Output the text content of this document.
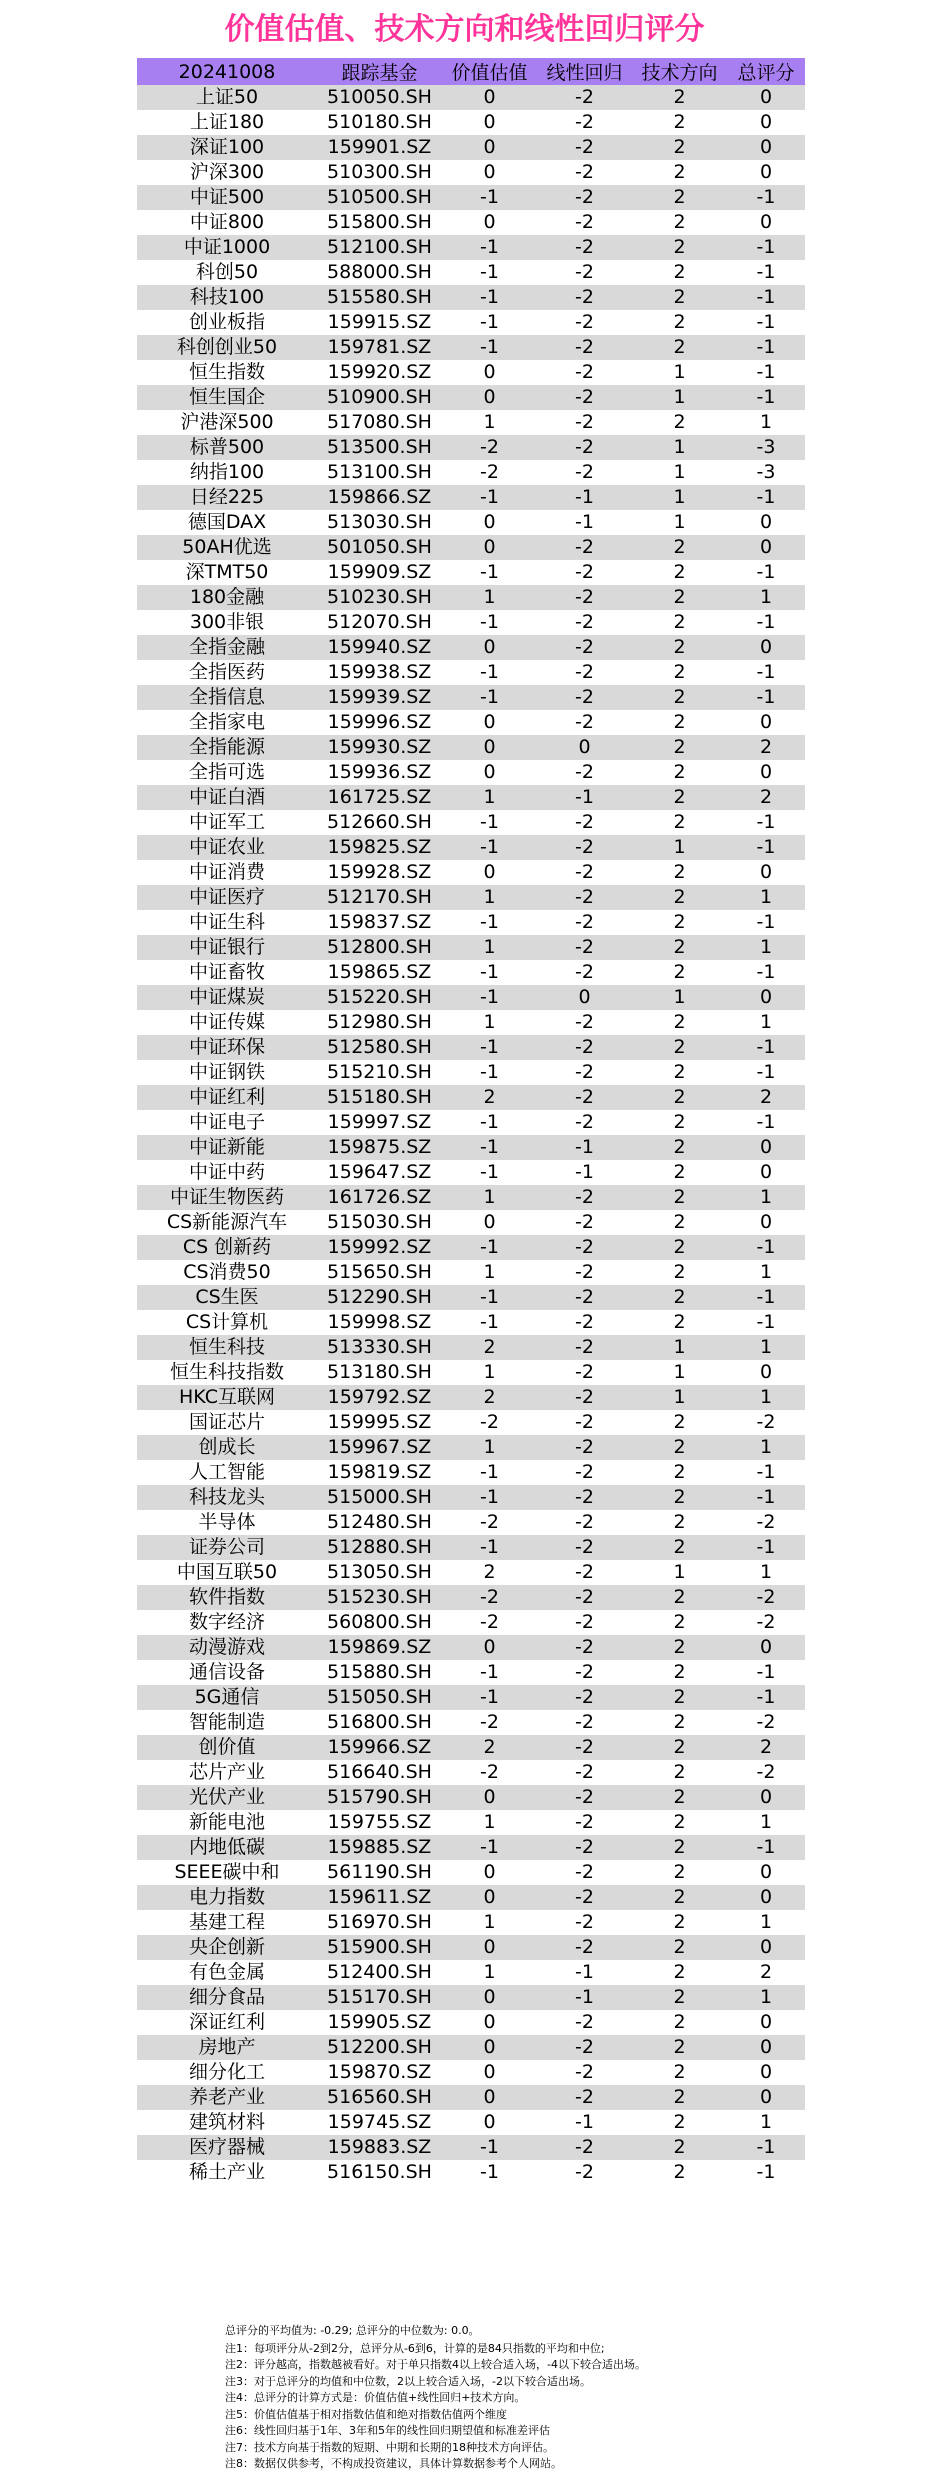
价值估值、技术方向和线性回归评分
20241008	跟踪基金	价值估值	线性回归	技术方向	总评分
上证50	510050.SH	0	-2	2	0
上证180	510180.SH	0	-2	2	0
深证100	159901.SZ	0	-2	2	0
沪深300	510300.SH	0	-2	2	0
中证500	510500.SH	-1	-2	2	-1
中证800	515800.SH	0	-2	2	0
中证1000	512100.SH	-1	-2	2	-1
科创50	588000.SH	-1	-2	2	-1
科技100	515580.SH	-1	-2	2	-1
创业板指	159915.SZ	-1	-2	2	-1
科创创业50	159781.SZ	-1	-2	2	-1
恒生指数	159920.SZ	0	-2	1	-1
恒生国企	510900.SH	0	-2	1	-1
沪港深500	517080.SH	1	-2	2	1
标普500	513500.SH	-2	-2	1	-3
纳指100	513100.SH	-2	-2	1	-3
日经225	159866.SZ	-1	-1	1	-1
德国DAX	513030.SH	0	-1	1	0
50AH优选	501050.SH	0	-2	2	0
深TMT50	159909.SZ	-1	-2	2	-1
180金融	510230.SH	1	-2	2	1
300非银	512070.SH	-1	-2	2	-1
全指金融	159940.SZ	0	-2	2	0
全指医药	159938.SZ	-1	-2	2	-1
全指信息	159939.SZ	-1	-2	2	-1
全指家电	159996.SZ	0	-2	2	0
全指能源	159930.SZ	0	0	2	2
全指可选	159936.SZ	0	-2	2	0
中证白酒	161725.SZ	1	-1	2	2
中证军工	512660.SH	-1	-2	2	-1
中证农业	159825.SZ	-1	-2	1	-1
中证消费	159928.SZ	0	-2	2	0
中证医疗	512170.SH	1	-2	2	1
中证生科	159837.SZ	-1	-2	2	-1
中证银行	512800.SH	1	-2	2	1
中证畜牧	159865.SZ	-1	-2	2	-1
中证煤炭	515220.SH	-1	0	1	0
中证传媒	512980.SH	1	-2	2	1
中证环保	512580.SH	-1	-2	2	-1
中证钢铁	515210.SH	-1	-2	2	-1
中证红利	515180.SH	2	-2	2	2
中证电子	159997.SZ	-1	-2	2	-1
中证新能	159875.SZ	-1	-1	2	0
中证中药	159647.SZ	-1	-1	2	0
中证生物医药	161726.SZ	1	-2	2	1
CS新能源汽车	515030.SH	0	-2	2	0
CS 创新药	159992.SZ	-1	-2	2	-1
CS消费50	515650.SH	1	-2	2	1
CS生医	512290.SH	-1	-2	2	-1
CS计算机	159998.SZ	-1	-2	2	-1
恒生科技	513330.SH	2	-2	1	1
恒生科技指数	513180.SH	1	-2	1	0
HKC互联网	159792.SZ	2	-2	1	1
国证芯片	159995.SZ	-2	-2	2	-2
创成长	159967.SZ	1	-2	2	1
人工智能	159819.SZ	-1	-2	2	-1
科技龙头	515000.SH	-1	-2	2	-1
半导体	512480.SH	-2	-2	2	-2
证券公司	512880.SH	-1	-2	2	-1
中国互联50	513050.SH	2	-2	1	1
软件指数	515230.SH	-2	-2	2	-2
数字经济	560800.SH	-2	-2	2	-2
动漫游戏	159869.SZ	0	-2	2	0
通信设备	515880.SH	-1	-2	2	-1
5G通信	515050.SH	-1	-2	2	-1
智能制造	516800.SH	-2	-2	2	-2
创价值	159966.SZ	2	-2	2	2
芯片产业	516640.SH	-2	-2	2	-2
光伏产业	515790.SH	0	-2	2	0
新能电池	159755.SZ	1	-2	2	1
内地低碳	159885.SZ	-1	-2	2	-1
SEEE碳中和	561190.SH	0	-2	2	0
电力指数	159611.SZ	0	-2	2	0
基建工程	516970.SH	1	-2	2	1
央企创新	515900.SH	0	-2	2	0
有色金属	512400.SH	1	-1	2	2
细分食品	515170.SH	0	-1	2	1
深证红利	159905.SZ	0	-2	2	0
房地产	512200.SH	0	-2	2	0
细分化工	159870.SZ	0	-2	2	0
养老产业	516560.SH	0	-2	2	0
建筑材料	159745.SZ	0	-1	2	1
医疗器械	159883.SZ	-1	-2	2	-1
稀土产业	516150.SH	-1	-2	2	-1
总评分的平均值为: -0.29; 总评分的中位数为: 0.0。
注1：每项评分从-2到2分，总评分从-6到6，计算的是84只指数的平均和中位;
注2：评分越高，指数越被看好。对于单只指数4以上较合适入场，-4以下较合适出场。
注3：对于总评分的均值和中位数，2以上较合适入场，-2以下较合适出场。
注4：总评分的计算方式是：价值估值+线性回归+技术方向。
注5：价值估值基于相对指数估值和绝对指数估值两个维度
注6：线性回归基于1年、3年和5年的线性回归期望值和标准差评估
注7：技术方向基于指数的短期、中期和长期的18种技术方向评估。
注8：数据仅供参考，不构成投资建议，具体计算数据参考个人网站。
